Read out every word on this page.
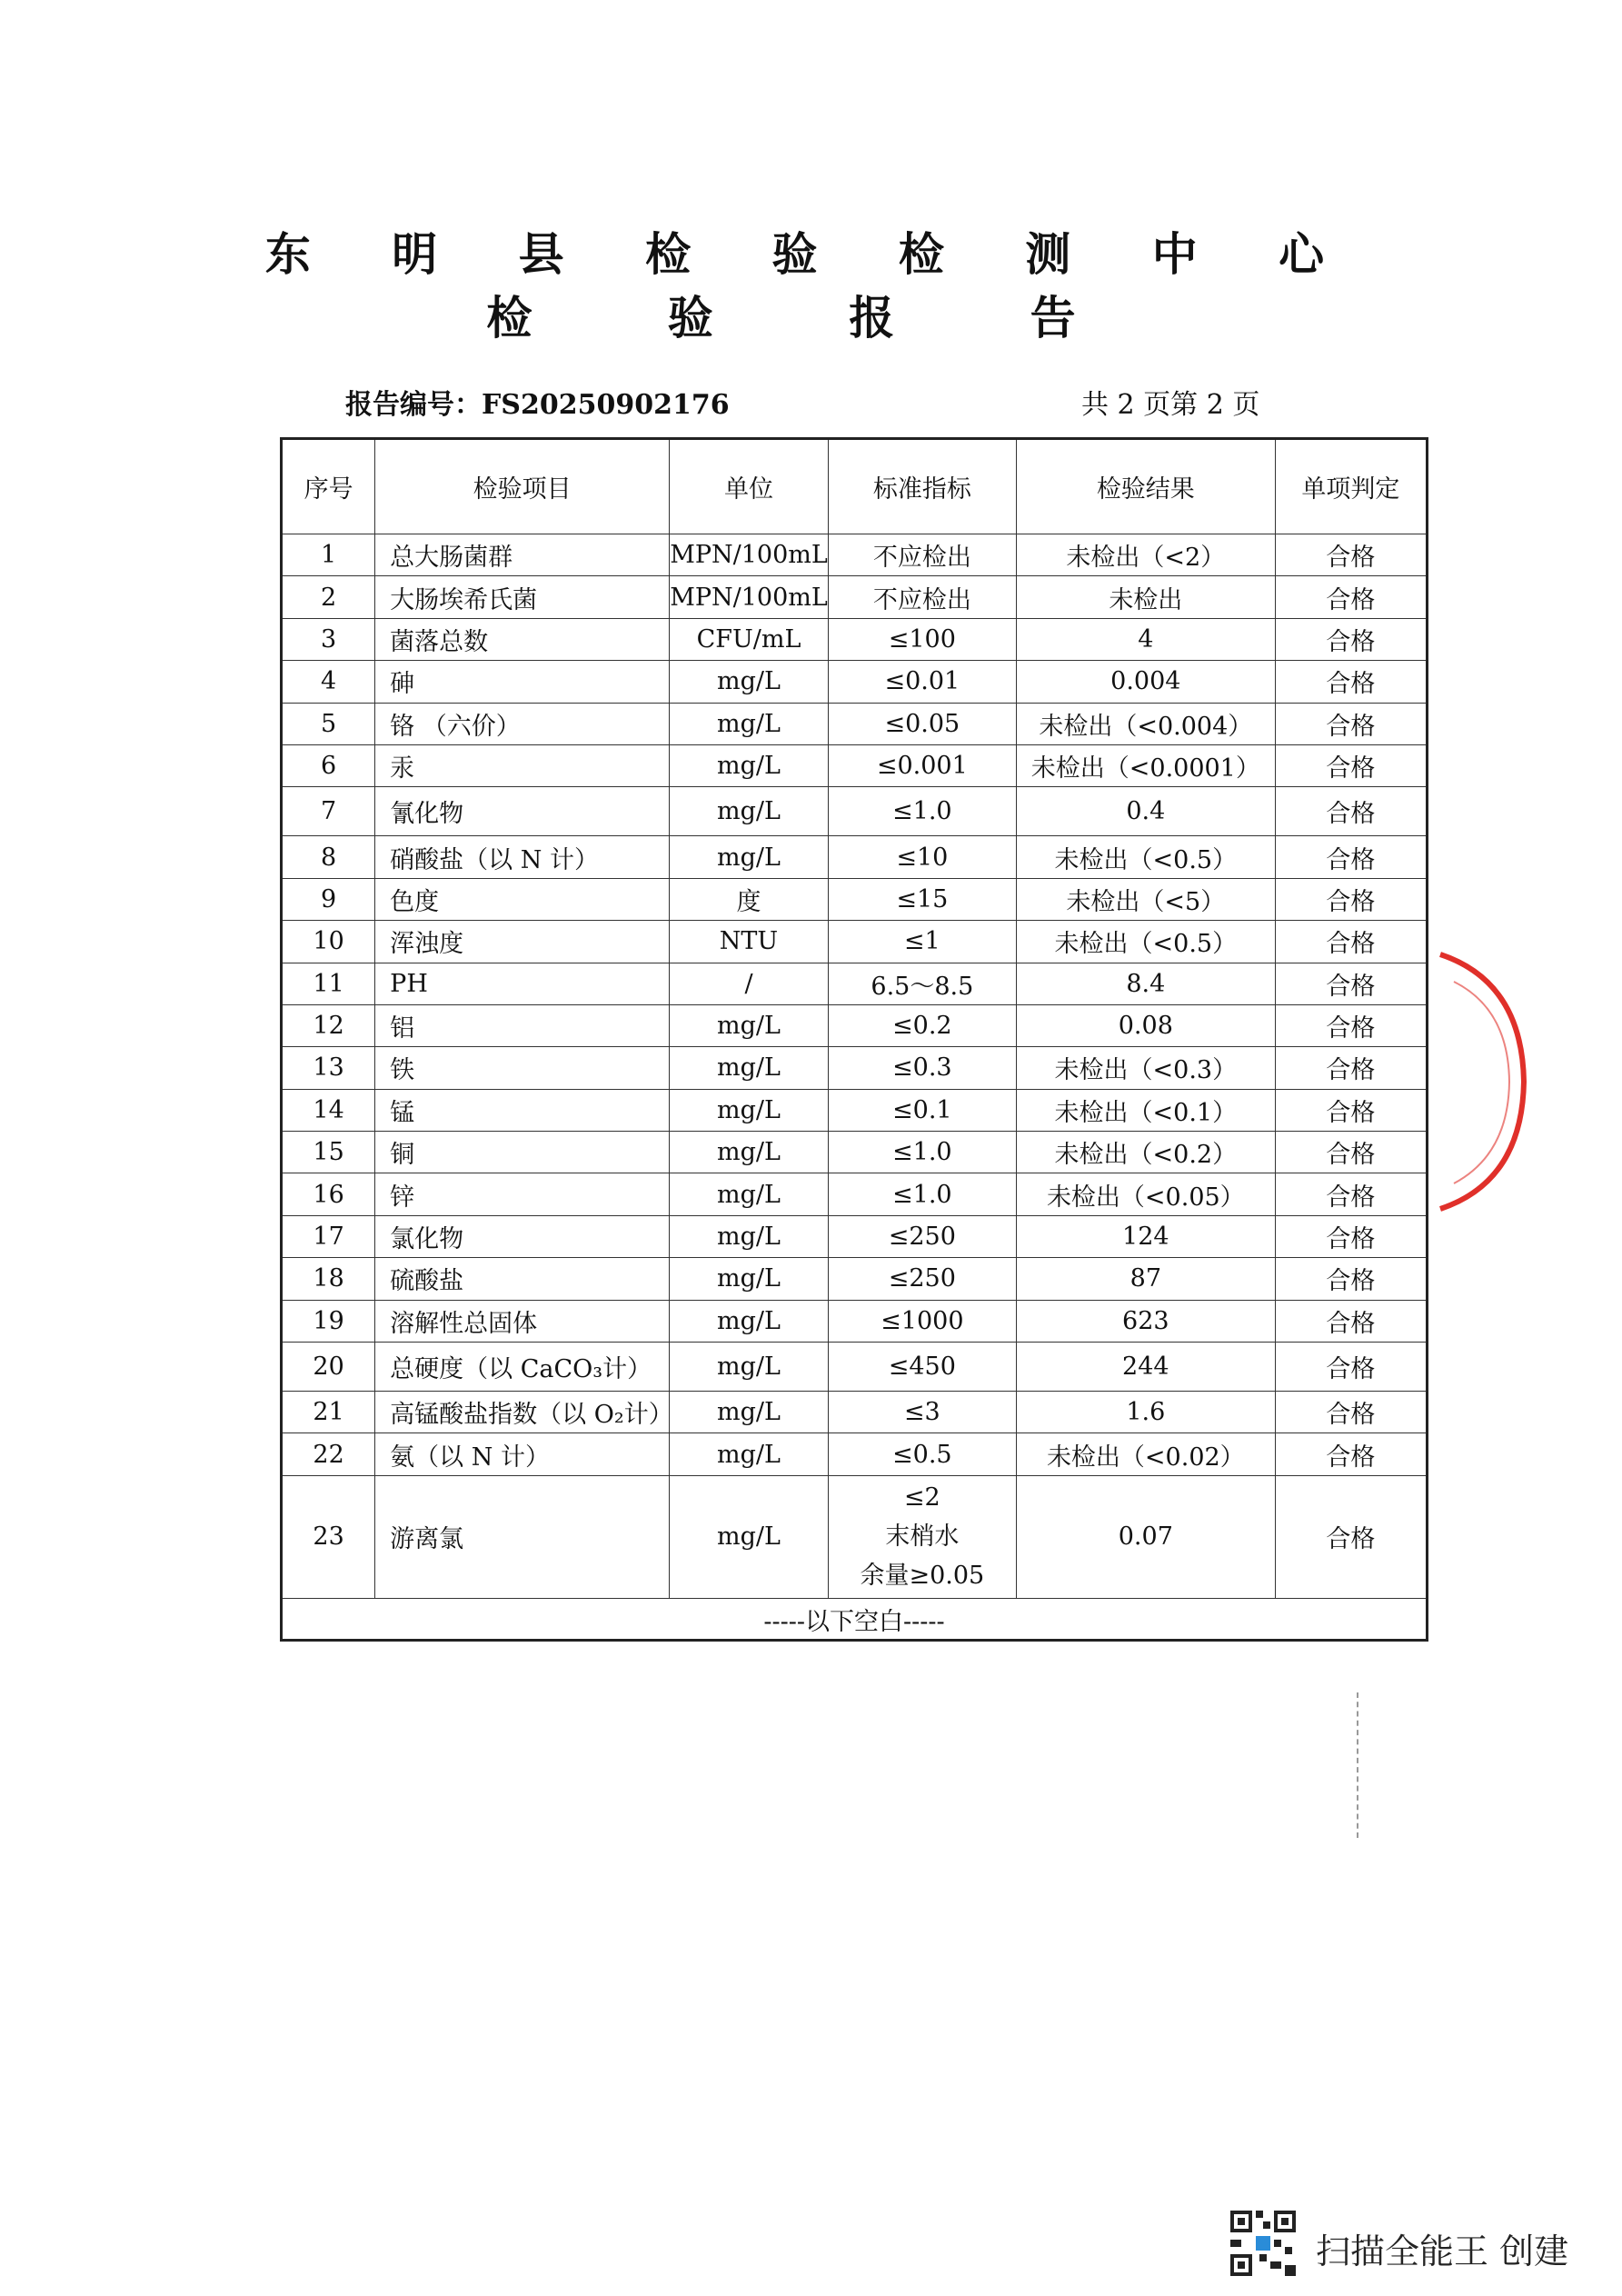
东 明 县 检 验 检 测 中 心
检 验 报 告
报告编号：FS20250902176	共 2 页第 2 页
序号	检验项目	单位	标准指标	检验结果	单项判定
1	总大肠菌群	MPN/100mL	不应检出	未检出（<2）	合格
2	大肠埃希氏菌	MPN/100mL	不应检出	未检出	合格
3	菌落总数	CFU/mL	≤100	4	合格
4	砷	mg/L	≤0.01	0.004	合格
5	铬 （六价）	mg/L	≤0.05	未检出（<0.004）	合格
6	汞	mg/L	≤0.001	未检出（<0.0001）	合格
7	氰化物	mg/L	≤1.0	0.4	合格
8	硝酸盐（以 N 计）	mg/L	≤10	未检出（<0.5）	合格
9	色度	度	≤15	未检出（<5）	合格
10	浑浊度	NTU	≤1	未检出（<0.5）	合格
11	PH	/	6.5～8.5	8.4	合格
12	铝	mg/L	≤0.2	0.08	合格
13	铁	mg/L	≤0.3	未检出（<0.3）	合格
14	锰	mg/L	≤0.1	未检出（<0.1）	合格
15	铜	mg/L	≤1.0	未检出（<0.2）	合格
16	锌	mg/L	≤1.0	未检出（<0.05）	合格
17	氯化物	mg/L	≤250	124	合格
18	硫酸盐	mg/L	≤250	87	合格
19	溶解性总固体	mg/L	≤1000	623	合格
20	总硬度（以 CaCO₃计）	mg/L	≤450	244	合格
21	高锰酸盐指数（以 O₂计）	mg/L	≤3	1.6	合格
22	氨（以 N 计）	mg/L	≤0.5	未检出（<0.02）	合格
23	游离氯	mg/L	≤2
末梢水
余量≥0.05	0.07	合格
-----以下空白-----					
扫描全能王 创建
